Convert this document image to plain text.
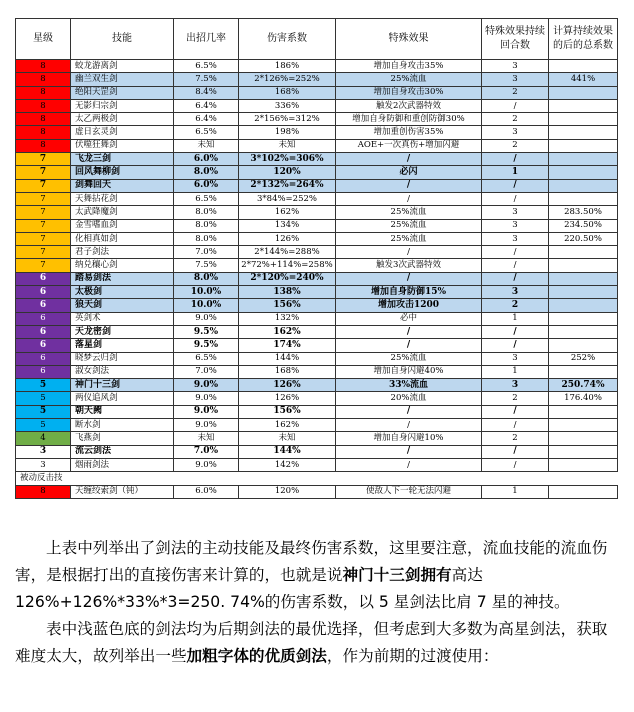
星级	技能	出招几率	伤害系数	特殊效果	特殊效果持续回合数	计算持续效果的后的总系数
8	蛟龙游离剑	6.5%	186%	增加自身攻击35%	3	
8	幽兰双生剑	7.5%	2*126%=252%	25%流血	3	441%
8	绝阳天罡剑	8.4%	168%	增加自身攻击30%	2	
8	无影归宗剑	6.4%	336%	触发2次武器特效	/	
8	太乙两极剑	6.4%	2*156%=312%	增加自身防御和重创防御30%	2	
8	虚日玄灵剑	6.5%	198%	增加重创伤害35%	3	
8	伏噬狂舞剑	未知	未知	AOE+一次真伤+增加闪避	2	
7	飞龙三剑	6.0%	3*102%=306%	/	/	
7	回风舞柳剑	8.0%	120%	必闪	1	
7	剑舞回天	6.0%	2*132%=264%	/	/	
7	天舞拈花剑	6.5%	3*84%=252%	/	/	
7	太武降魔剑	8.0%	162%	25%流血	3	283.50%
7	金雪嗜血剑	8.0%	134%	25%流血	3	234.50%
7	化相真如剑	8.0%	126%	25%流血	3	220.50%
7	君子剑法	7.0%	2*144%=288%	/	/	
7	纳兑穰心剑	7.5%	2*72%+114%=258%	触发3次武器特效	/	
6	踏易剑法	8.0%	2*120%=240%	/	/	
6	太极剑	10.0%	138%	增加自身防御15%	3	
6	狼天剑	10.0%	156%	增加攻击1200	2	
6	英剑术	9.0%	132%	必中	1	
6	天龙密剑	9.5%	162%	/	/	
6	落星剑	9.5%	174%	/	/	
6	晓梦云归剑	6.5%	144%	25%流血	3	252%
6	淑女剑法	7.0%	168%	增加自身闪避40%	1	
5	神门十三剑	9.0%	126%	33%流血	3	250.74%
5	两仪追风剑	9.0%	126%	20%流血	2	176.40%
5	朝天阙	9.0%	156%	/	/	
5	断水剑	9.0%	162%	/	/	
4	飞燕剑	未知	未知	增加自身闪避10%	2	
3	流云剑法	7.0%	144%	/	/	
3	烟雨剑法	9.0%	142%	/	/	
被动反击技						
8	天缠绞索剑（钝）	6.0%	120%	使敌人下一轮无法闪避	1	

上表中列举出了剑法的主动技能及最终伤害系数，这里要注意，流血技能的流血伤害，是根据打出的直接伤害来计算的，也就是说神门十三剑拥有高达 126%+126%*33%*3=250. 74%的伤害系数，以 5 星剑法比肩 7 星的神技。

表中浅蓝色底的剑法均为后期剑法的最优选择，但考虑到大多数为高星剑法，获取难度太大，故列举出一些加粗字体的优质剑法，作为前期的过渡使用：
